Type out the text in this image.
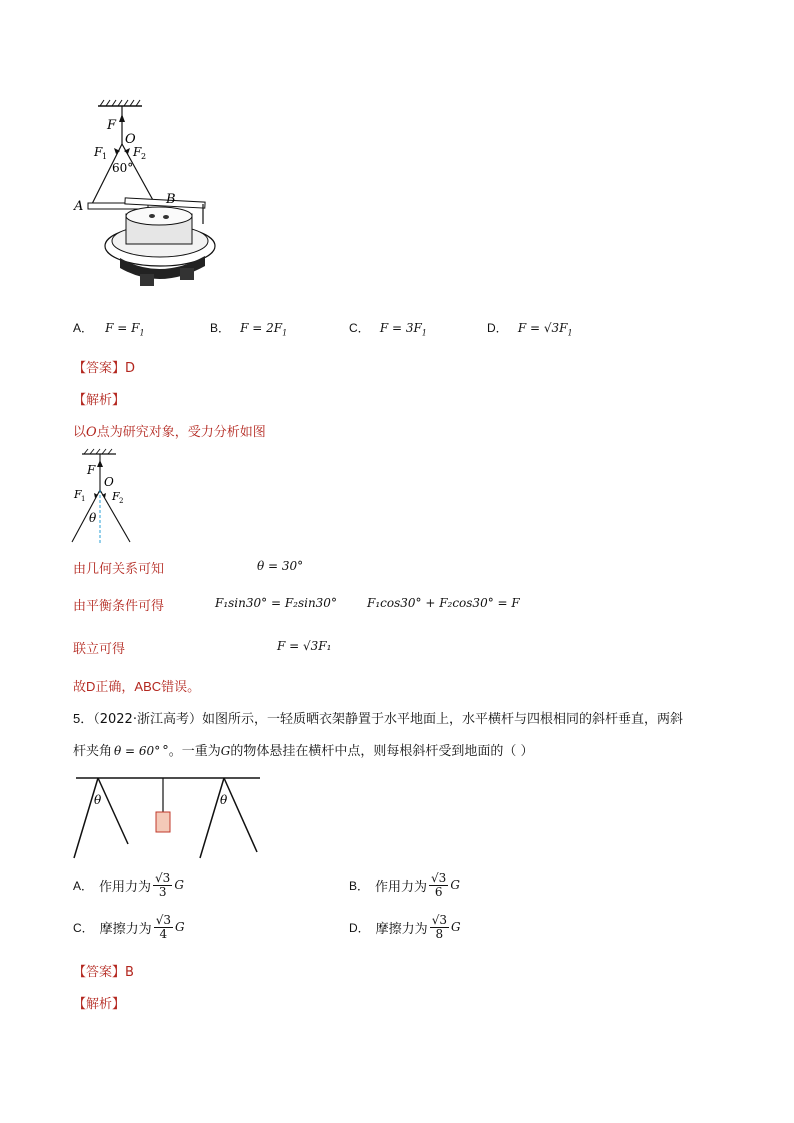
F
O
F 1 F 2
60°
A	B
A． $F = F_1$	B． $F = 2F_1$	C． $F = 3F_1$	D． $F = √3F_1$
【答案】D
【解析】
以O点为研究对象，受力分析如图
F
O
F 1 F 2
θ
由几何关系可知	θ = 30°
由平衡条件可得	F₁sin30° = F₂sin30°	F₁cos30° + F₂cos30° = F
联立可得	F = √3F₁
故D正确，ABC错误。
5．（2022·浙江高考）如图所示，一轻质晒衣架静置于水平地面上，水平横杆与四根相同的斜杆垂直，两斜
杆夹角 θ = 60° °。一重为G的物体悬挂在横杆中点，则每根斜杆受到地面的（ ）
θ	θ
A． 作用力为 $\frac{√3}{3}$ G	B． 作用力为 $\frac{√3}{6}$ G
C． 摩擦力为 $\frac{√3}{4}$ G	D． 摩擦力为 $\frac{√3}{8}$ G
【答案】B
【解析】
